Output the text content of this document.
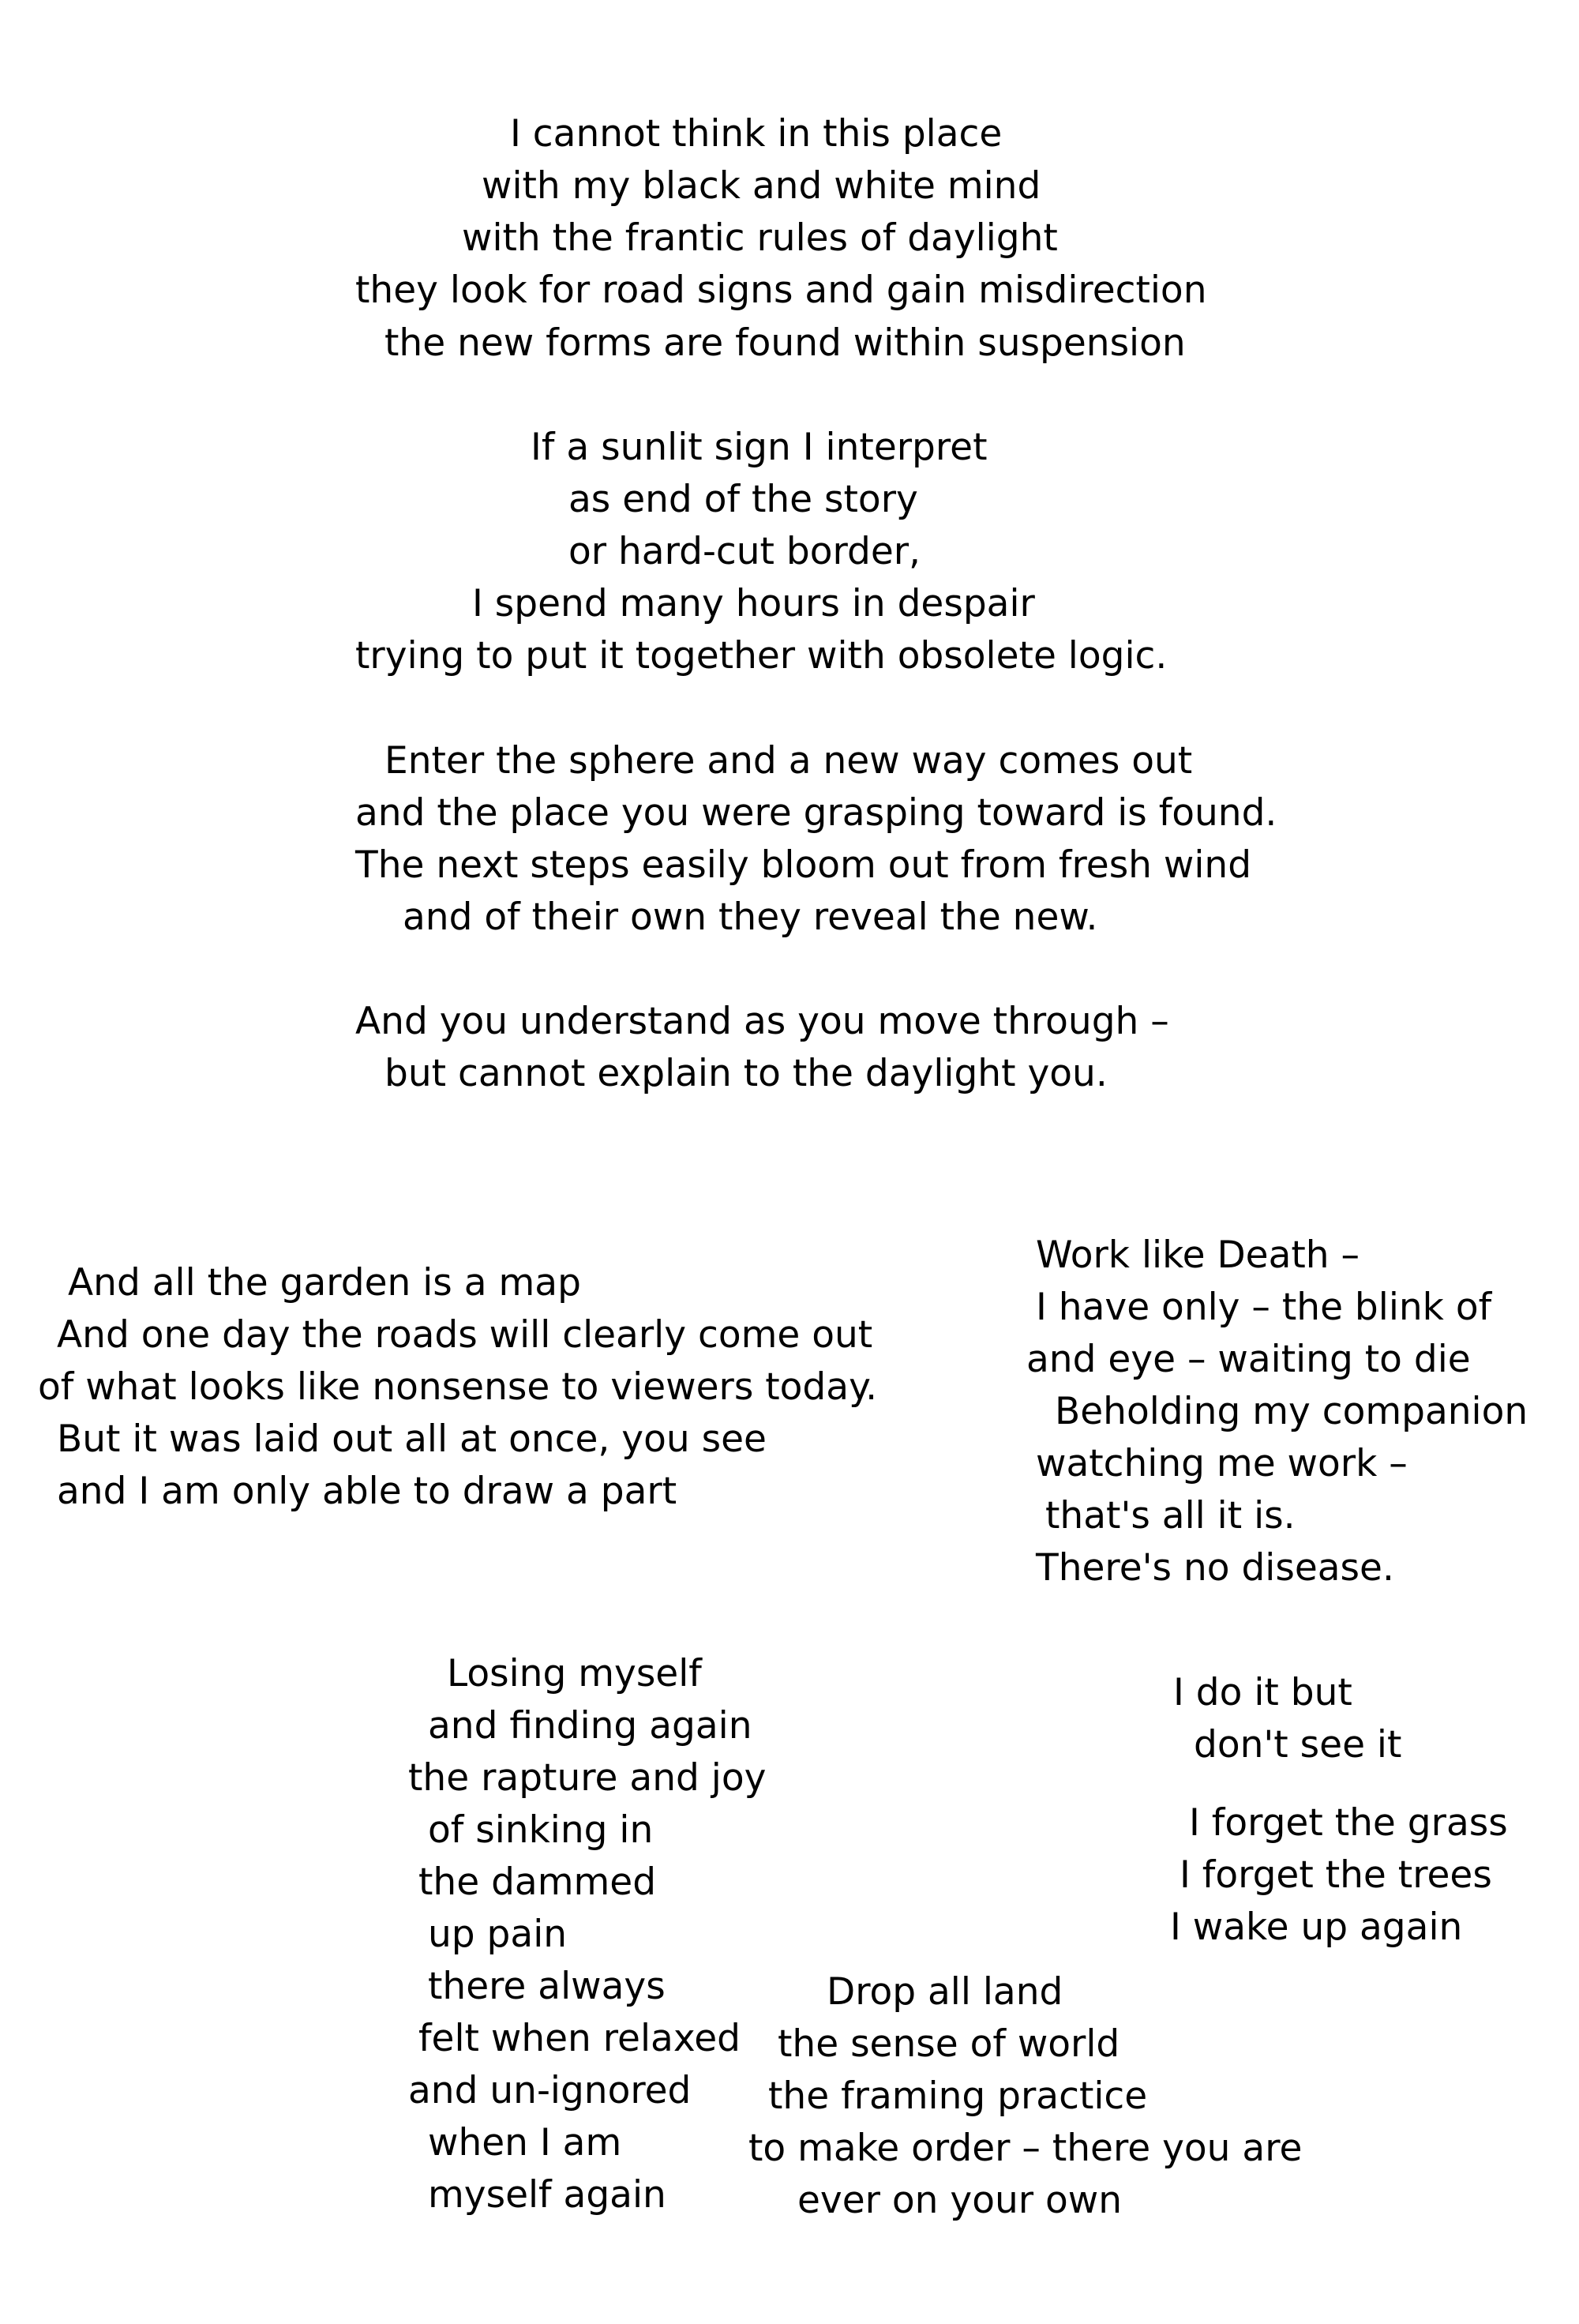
I cannot think in this place
with my black and white mind
with the frantic rules of daylight
they look for road signs and gain misdirection
the new forms are found within suspension
If a sunlit sign I interpret
as end of the story
or hard-cut border,
I spend many hours in despair
trying to put it together with obsolete logic.
Enter the sphere and a new way comes out
and the place you were grasping toward is found.
The next steps easily bloom out from fresh wind
and of their own they reveal the new.
And you understand as you move through –
but cannot explain to the daylight you.
And all the garden is a map
And one day the roads will clearly come out
of what looks like nonsense to viewers today.
But it was laid out all at once, you see
and I am only able to draw a part
Work like Death –
I have only – the blink of
and eye – waiting to die
Beholding my companion
watching me work –
that's all it is.
There's no disease.
Losing myself
and finding again
the rapture and joy
of sinking in
the dammed
up pain
there always
felt when relaxed
and un-ignored
when I am
myself again
I do it but
don't see it
I forget the grass
I forget the trees
I wake up again
Drop all land
the sense of world
the framing practice
to make order – there you are
ever on your own
